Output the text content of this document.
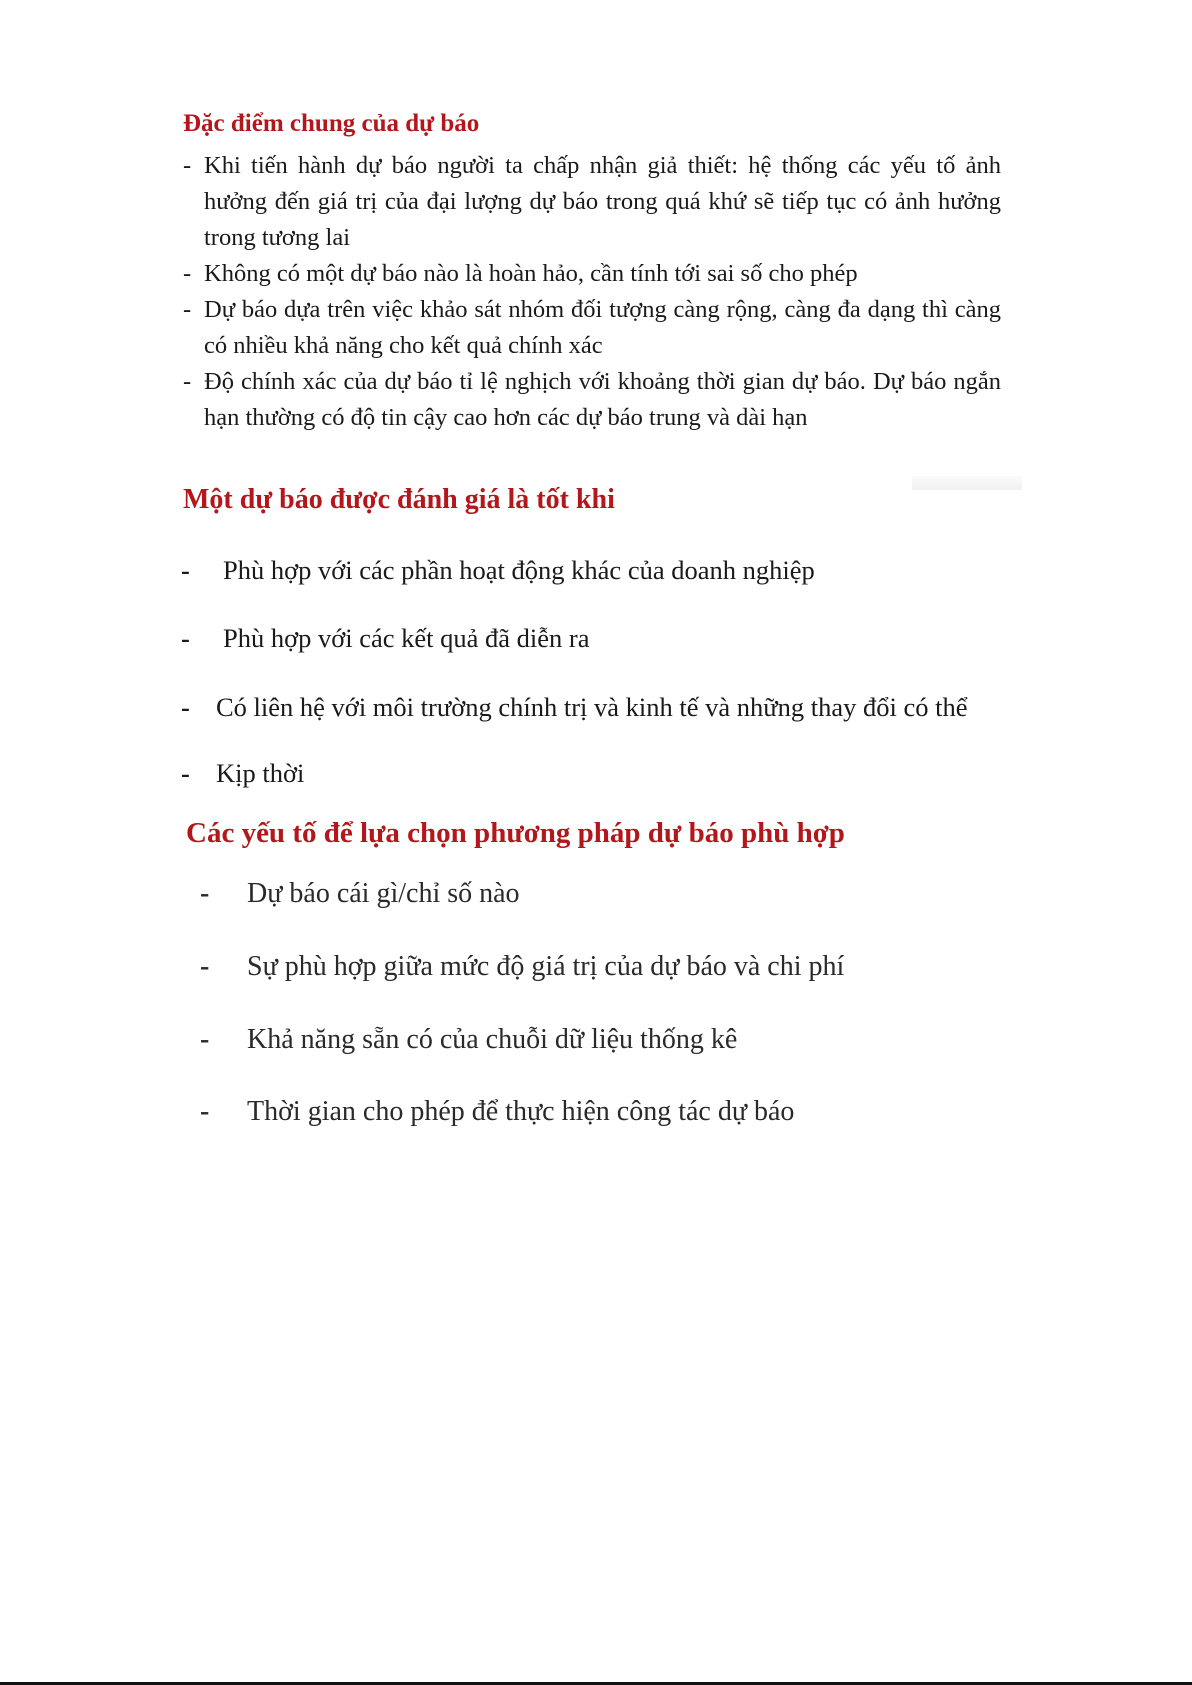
Đặc điểm chung của dự báo
- Khi tiến hành dự báo người ta chấp nhận giả thiết: hệ thống các yếu tố ảnh hưởng đến giá trị của đại lượng dự báo trong quá khứ sẽ tiếp tục có ảnh hưởng trong tương lai
- Không có một dự báo nào là hoàn hảo, cần tính tới sai số cho phép
- Dự báo dựa trên việc khảo sát nhóm đối tượng càng rộng, càng đa dạng thì càng có nhiều khả năng cho kết quả chính xác
- Độ chính xác của dự báo tỉ lệ nghịch với khoảng thời gian dự báo. Dự báo ngắn hạn thường có độ tin cậy cao hơn các dự báo trung và dài hạn
Một dự báo được đánh giá là tốt khi
- Phù hợp với các phần hoạt động khác của doanh nghiệp
- Phù hợp với các kết quả đã diễn ra
- Có liên hệ với môi trường chính trị và kinh tế và những thay đổi có thể
- Kịp thời
Các yếu tố để lựa chọn phương pháp dự báo phù hợp
- Dự báo cái gì/chỉ số nào
- Sự phù hợp giữa mức độ giá trị của dự báo và chi phí
- Khả năng sẵn có của chuỗi dữ liệu thống kê
- Thời gian cho phép để thực hiện công tác dự báo
